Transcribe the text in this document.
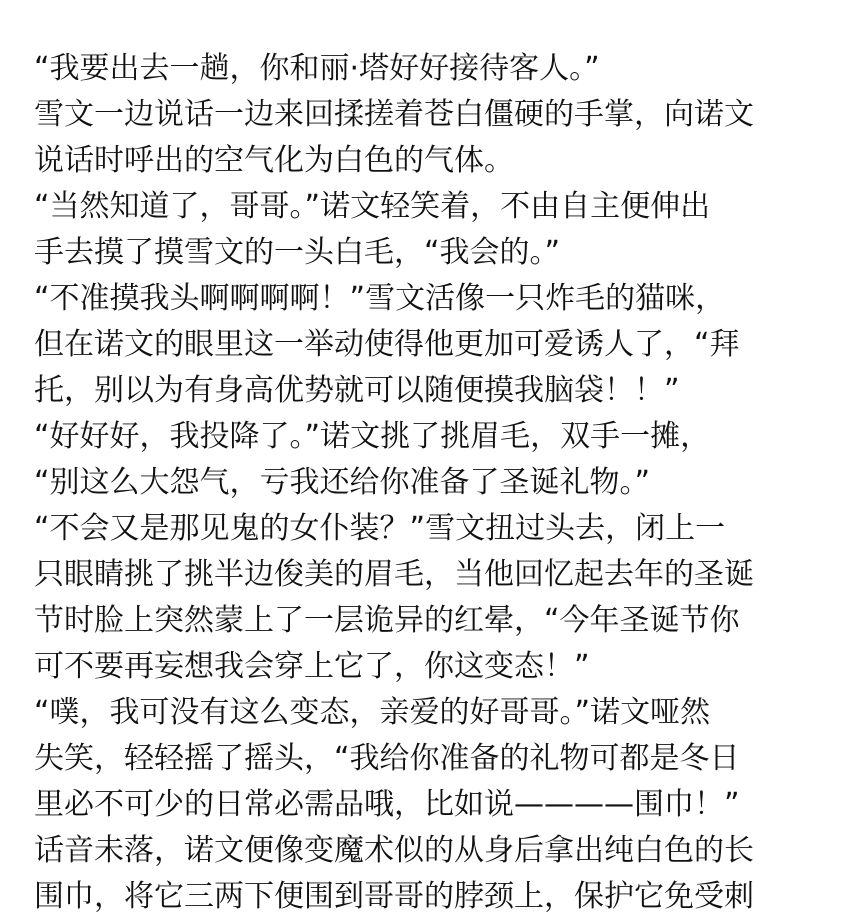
“我要出去一趟，你和丽·塔好好接待客人。”
雪文一边说话一边来回揉搓着苍白僵硬的手掌，向诺文
说话时呼出的空气化为白色的气体。
“当然知道了，哥哥。”诺文轻笑着，不由自主便伸出
手去摸了摸雪文的一头白毛，“我会的。”
“不准摸我头啊啊啊啊！”雪文活像一只炸毛的猫咪，
但在诺文的眼里这一举动使得他更加可爱诱人了，“拜
托，别以为有身高优势就可以随便摸我脑袋！！”
“好好好，我投降了。”诺文挑了挑眉毛，双手一摊，
“别这么大怨气，亏我还给你准备了圣诞礼物。”
“不会又是那见鬼的女仆装？”雪文扭过头去，闭上一
只眼睛挑了挑半边俊美的眉毛，当他回忆起去年的圣诞
节时脸上突然蒙上了一层诡异的红晕，“今年圣诞节你
可不要再妄想我会穿上它了，你这变态！”
“噗，我可没有这么变态，亲爱的好哥哥。”诺文哑然
失笑，轻轻摇了摇头，“我给你准备的礼物可都是冬日
里必不可少的日常必需品哦，比如说————围巾！”
话音未落，诺文便像变魔术似的从身后拿出纯白色的长
围巾，将它三两下便围到哥哥的脖颈上，保护它免受刺
